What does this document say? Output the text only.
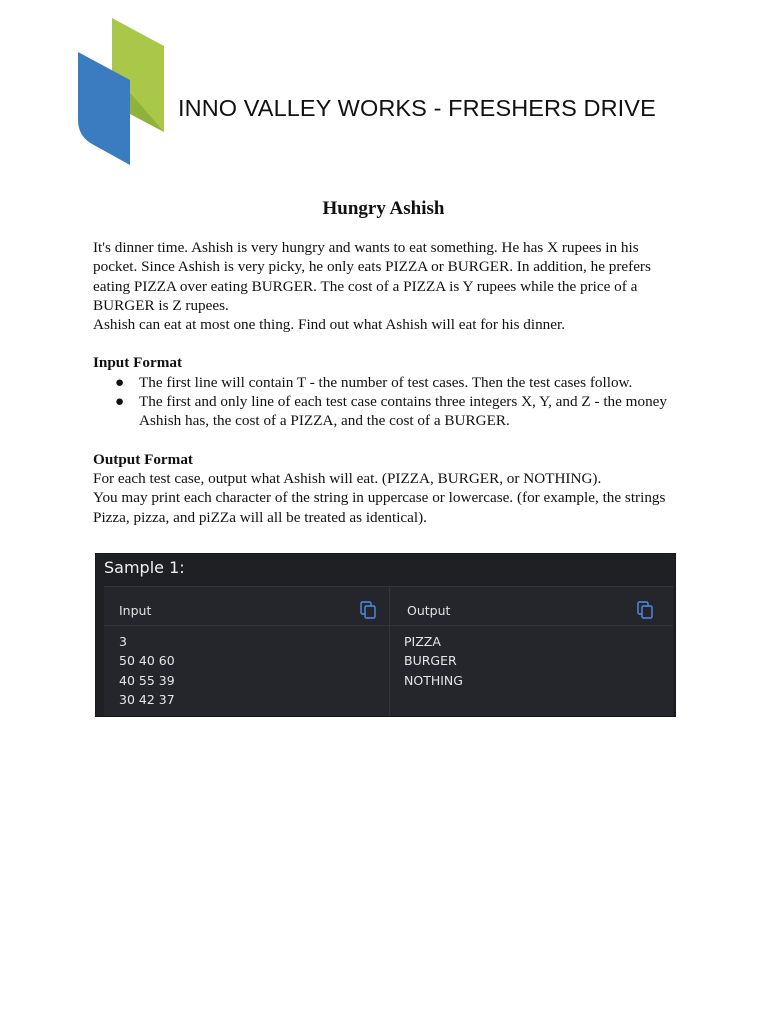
INNO VALLEY WORKS - FRESHERS DRIVE
Hungry Ashish

It's dinner time. Ashish is very hungry and wants to eat something. He has X rupees in his pocket. Since Ashish is very picky, he only eats PIZZA or BURGER. In addition, he prefers eating PIZZA over eating BURGER. The cost of a PIZZA is Y rupees while the price of a BURGER is Z rupees.

Ashish can eat at most one thing. Find out what Ashish will eat for his dinner.

Input Format
● The first line will contain T - the number of test cases. Then the test cases follow.
● The first and only line of each test case contains three integers X, Y, and Z - the money Ashish has, the cost of a PIZZA, and the cost of a BURGER.
Output Format

For each test case, output what Ashish will eat. (PIZZA, BURGER, or NOTHING).

You may print each character of the string in uppercase or lowercase. (for example, the strings Pizza, pizza, and piZZa will all be treated as identical).

Sample 1:
Input
3
50 40 60
40 55 39
30 42 37
Output
PIZZA
BURGER
NOTHING
